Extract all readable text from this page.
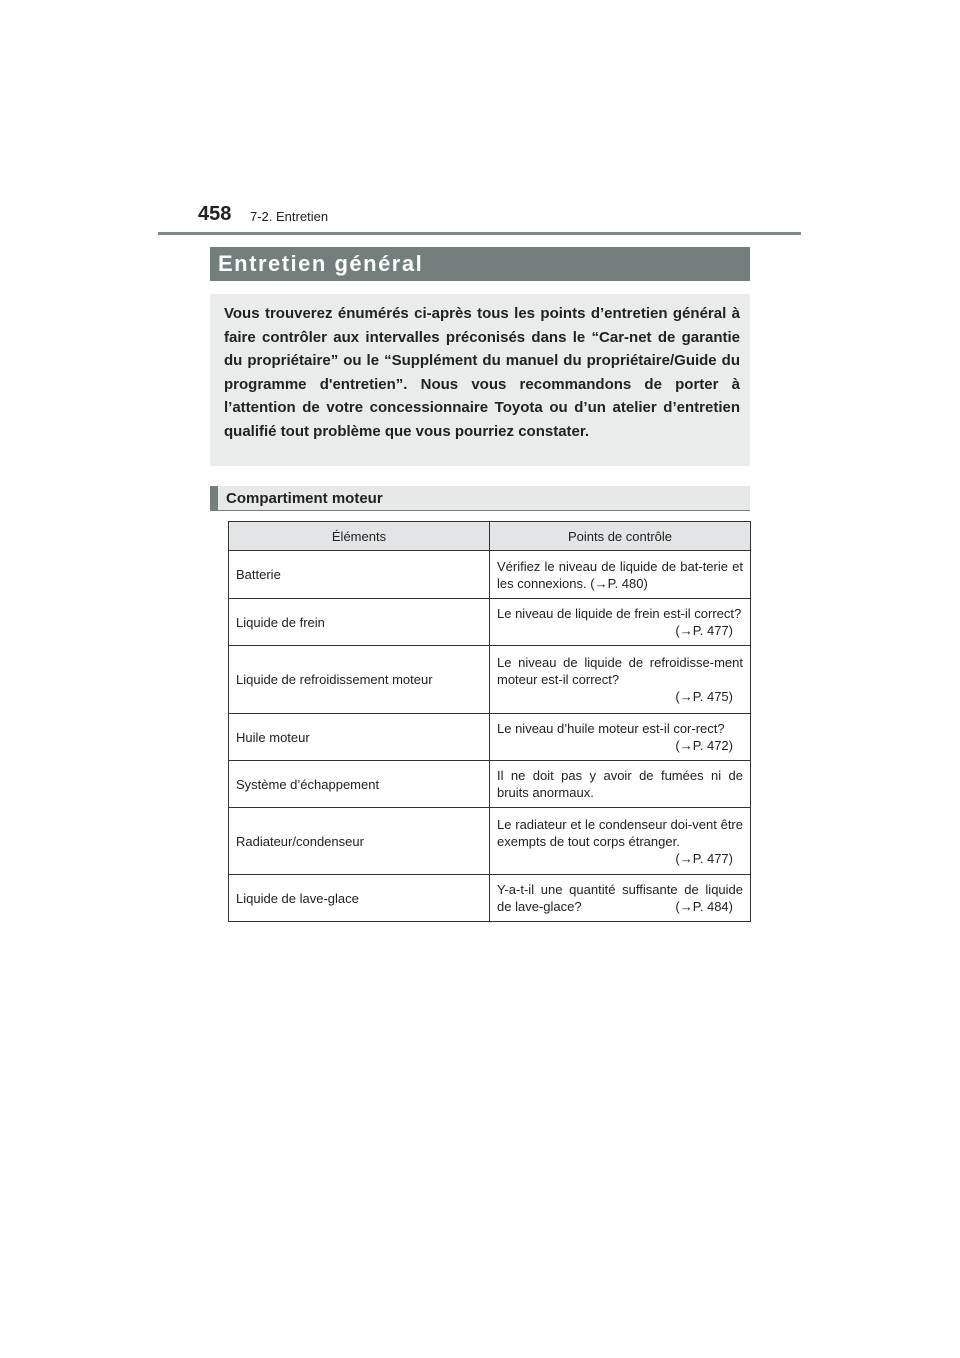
458 7-2. Entretien
Entretien général

Vous trouverez énumérés ci-après tous les points d’entretien général à faire contrôler aux intervalles préconisés dans le “Car-net de garantie du propriétaire” ou le “Supplément du manuel du propriétaire/Guide du programme d'entretien”. Nous vous recommandons de porter à l’attention de votre concessionnaire Toyota ou d’un atelier d’entretien qualifié tout problème que vous pourriez constater.

Compartiment moteur
Éléments	Points de contrôle
Batterie	Vérifiez le niveau de liquide de bat-terie et les connexions. (→P. 480)
Liquide de frein	Le niveau de liquide de frein est-il correct?
(→P. 477)

Liquide de refroidissement moteur	Le niveau de liquide de refroidisse-ment moteur est-il correct?
(→P. 475)

Huile moteur	Le niveau d’huile moteur est-il cor-rect?
(→P. 472)

Système d’échappement	Il ne doit pas y avoir de fumées ni de bruits anormaux.
Radiateur/condenseur	Le radiateur et le condenseur doi-vent être exempts de tout corps étranger.
(→P. 477)

Liquide de lave-glace	Y-a-t-il une quantité suffisante de liquide de lave-glace? (→P. 484)
